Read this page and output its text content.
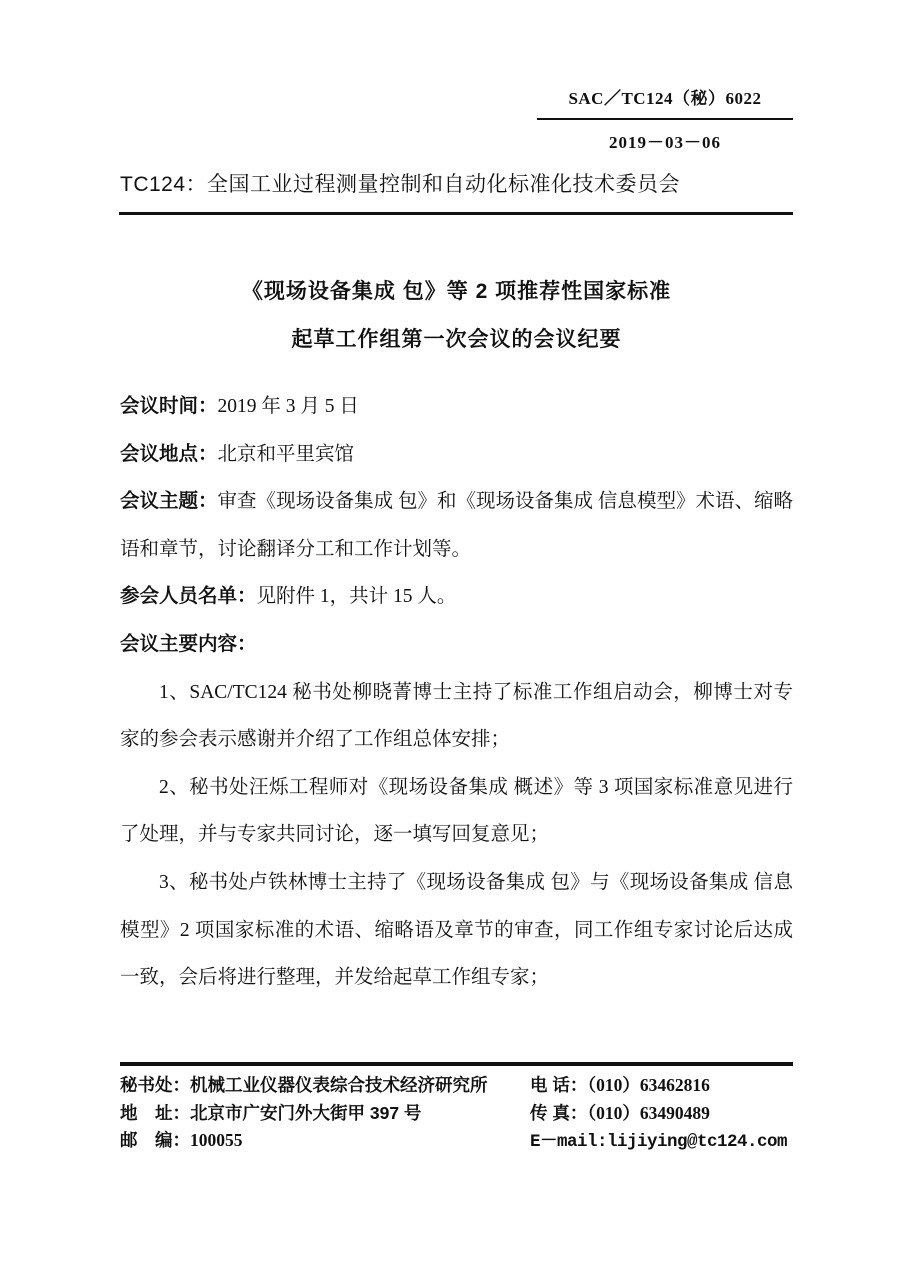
SAC／TC124（秘）6022
2019－03－06
TC124：全国工业过程测量控制和自动化标准化技术委员会
《现场设备集成 包》等 2 项推荐性国家标准
起草工作组第一次会议的会议纪要

会议时间：2019 年 3 月 5 日

会议地点：北京和平里宾馆

会议主题：审查《现场设备集成 包》和《现场设备集成 信息模型》术语、缩略语和章节，讨论翻译分工和工作计划等。

参会人员名单：见附件 1，共计 15 人。

会议主要内容：

1、SAC/TC124 秘书处柳晓菁博士主持了标准工作组启动会，柳博士对专家的参会表示感谢并介绍了工作组总体安排；

2、秘书处汪烁工程师对《现场设备集成 概述》等 3 项国家标准意见进行了处理，并与专家共同讨论，逐一填写回复意见；

3、秘书处卢铁林博士主持了《现场设备集成 包》与《现场设备集成 信息模型》2 项国家标准的术语、缩略语及章节的审查，同工作组专家讨论后达成一致，会后将进行整理，并发给起草工作组专家；

秘书处：机械工业仪器仪表综合技术经济研究所
地　址：北京市广安门外大街甲 397 号
邮　编：100055
电 话：（010）63462816
传 真：（010）63490489
E－mail:lijiying@tc124.com
